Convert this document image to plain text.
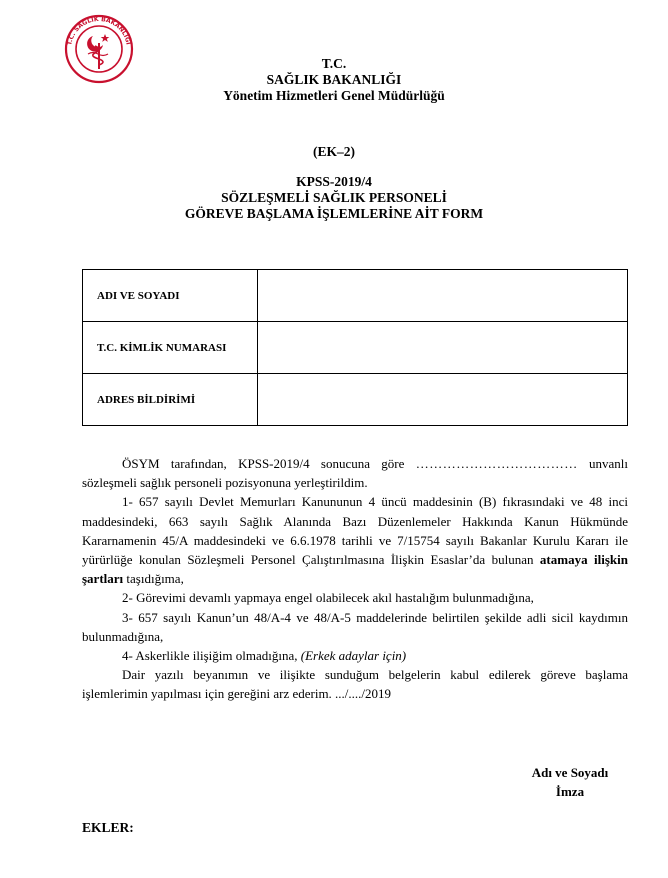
T.C. SAĞLIK BAKANLIĞI
T.C.
SAĞLIK BAKANLIĞI
Yönetim Hizmetleri Genel Müdürlüğü
(EK–2)
KPSS-2019/4
SÖZLEŞMELİ SAĞLIK PERSONELİ
GÖREVE BAŞLAMA İŞLEMLERİNE AİT FORM
ADI VE SOYADI	
T.C. KİMLİK NUMARASI	
ADRES BİLDİRİMİ	

ÖSYM tarafından, KPSS-2019/4 sonucuna göre ……………………………… unvanlı sözleşmeli sağlık personeli pozisyonuna yerleştirildim.

1- 657 sayılı Devlet Memurları Kanununun 4 üncü maddesinin (B) fıkrasındaki ve 48 inci maddesindeki, 663 sayılı Sağlık Alanında Bazı Düzenlemeler Hakkında Kanun Hükmünde Kararnamenin 45/A maddesindeki ve 6.6.1978 tarihli ve 7/15754 sayılı Bakanlar Kurulu Kararı ile yürürlüğe konulan Sözleşmeli Personel Çalıştırılmasına İlişkin Esaslar’da bulunan atamaya ilişkin şartları taşıdığıma,

2- Görevimi devamlı yapmaya engel olabilecek akıl hastalığım bulunmadığına,

3- 657 sayılı Kanun’un 48/A-4 ve 48/A-5 maddelerinde belirtilen şekilde adli sicil kaydımın bulunmadığına,

4- Askerlikle ilişiğim olmadığına, (Erkek adaylar için)

Dair yazılı beyanımın ve ilişikte sunduğum belgelerin kabul edilerek göreve başlama işlemlerimin yapılması için gereğini arz ederim. .../..../2019

Adı ve Soyadı
İmza
EKLER:
